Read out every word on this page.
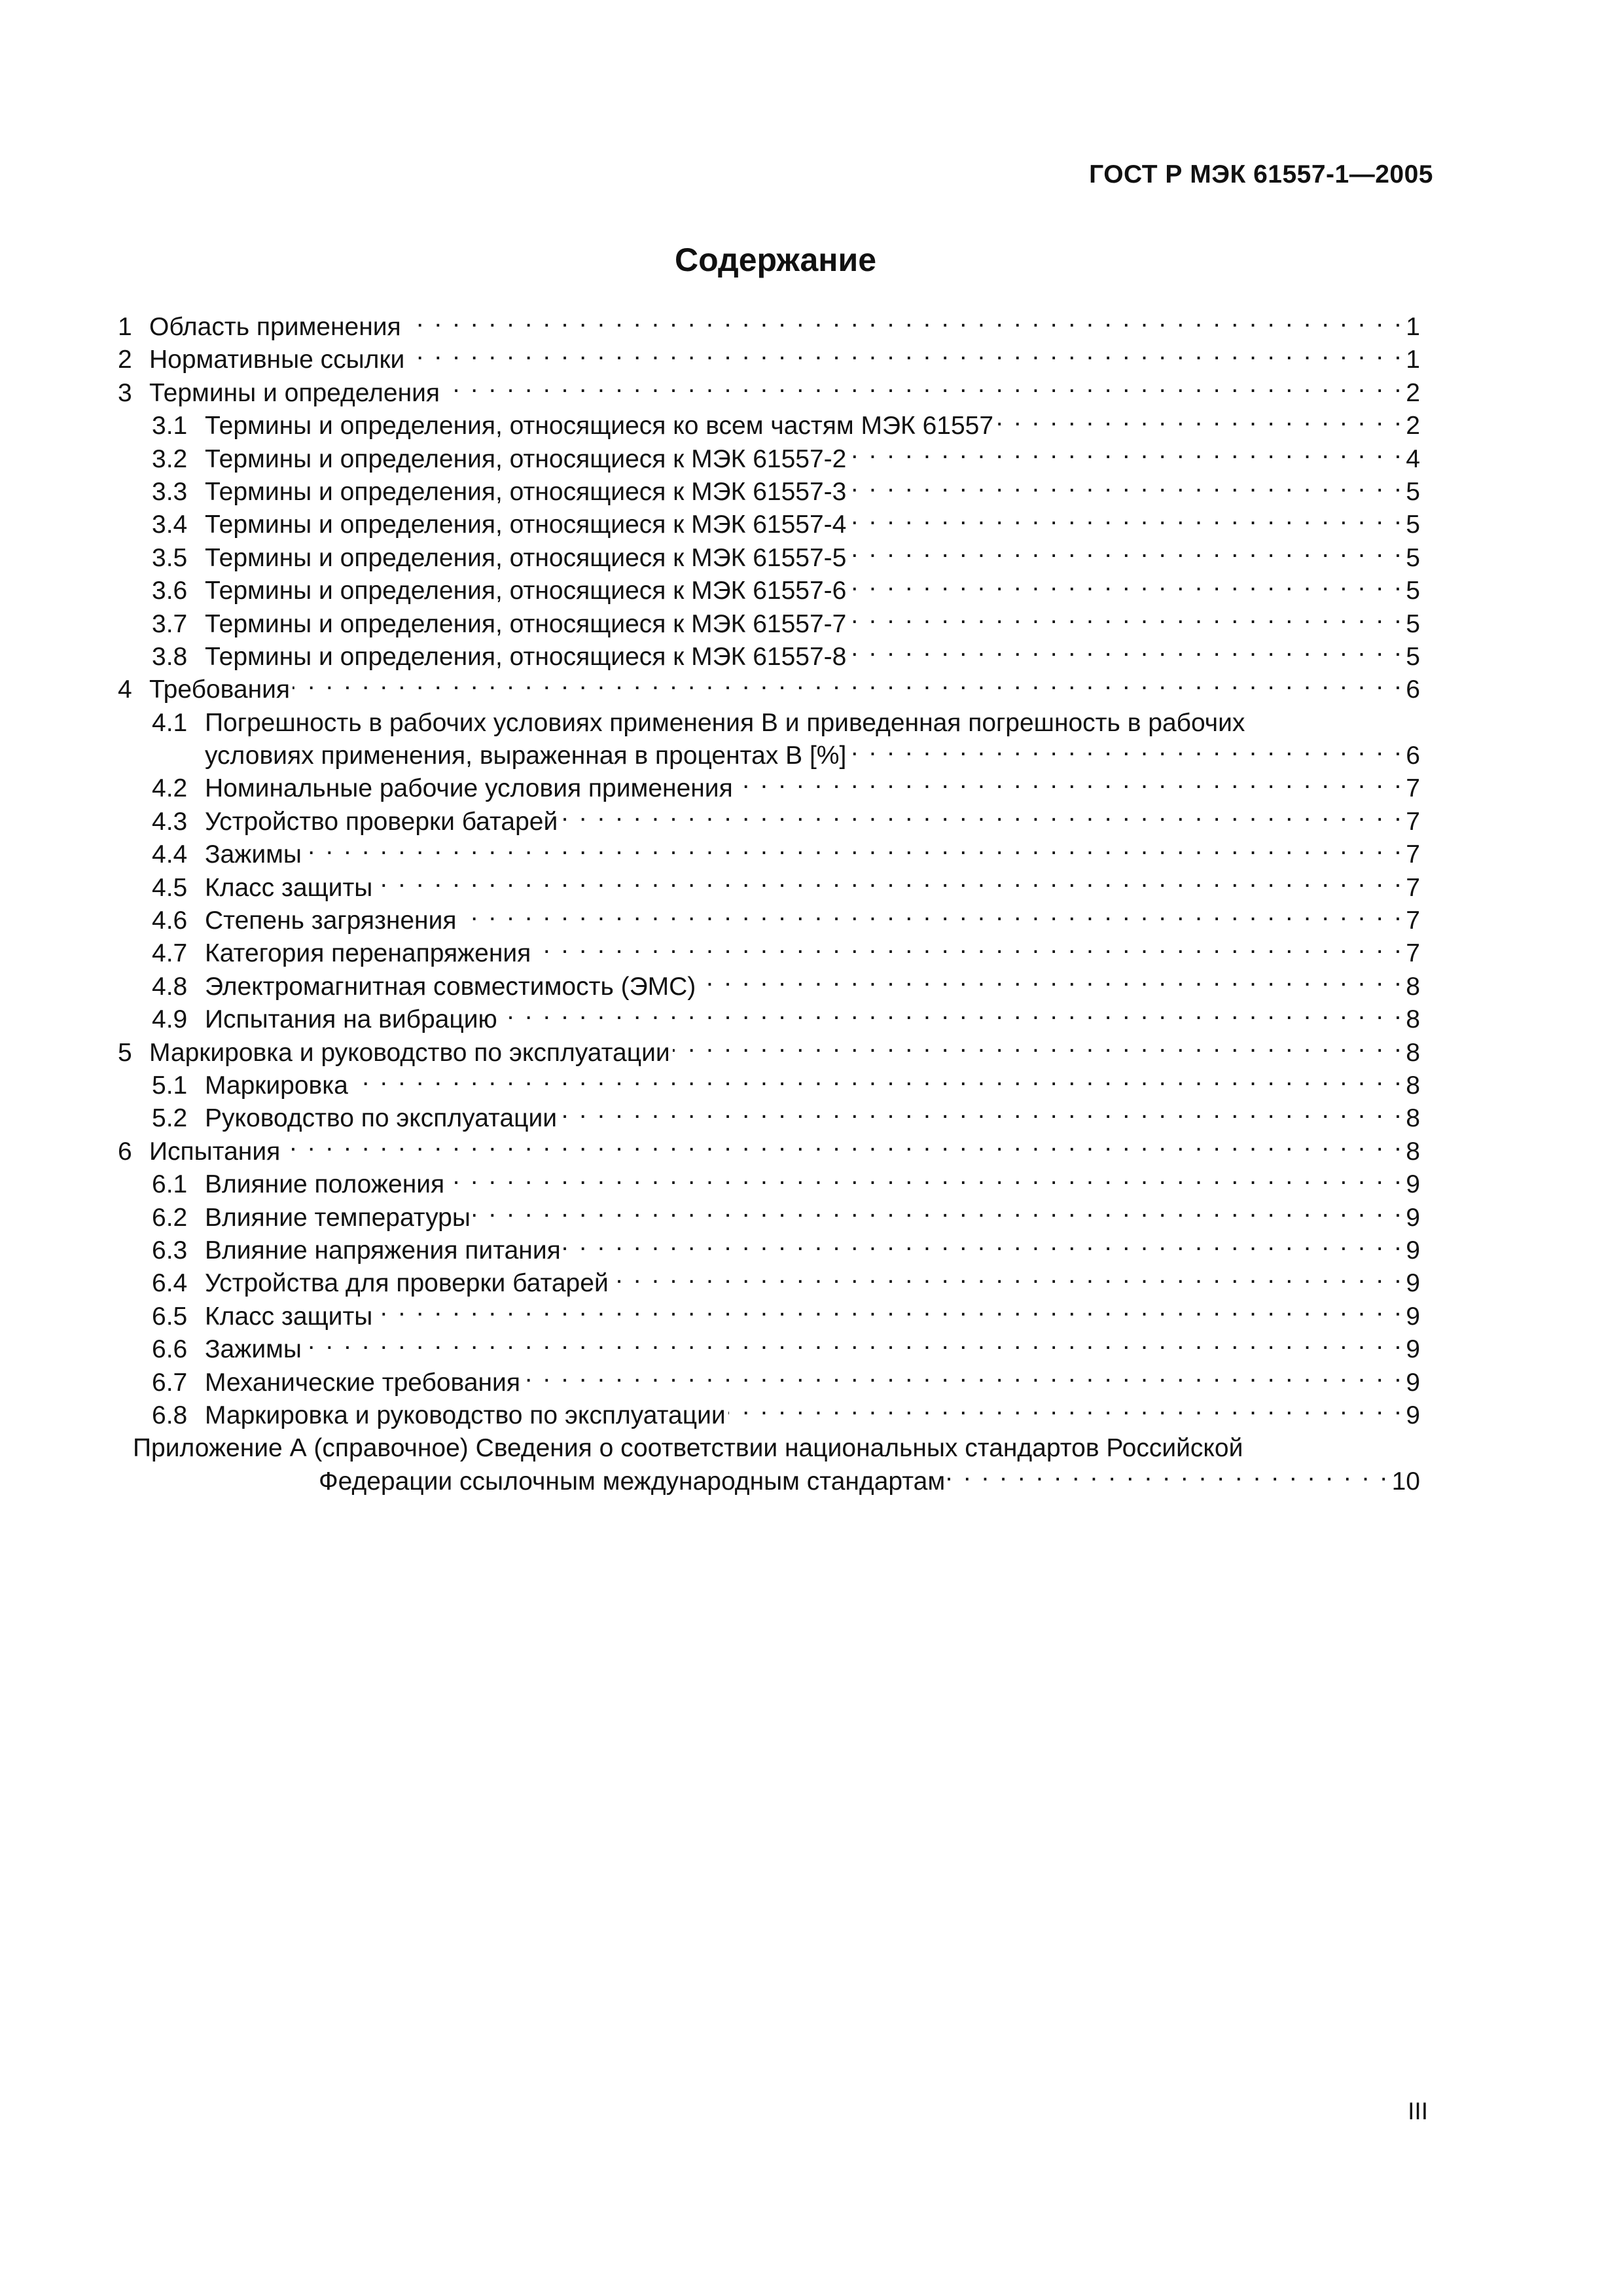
ГОСТ Р МЭК 61557-1—2005
Содержание
1 Область применения . . .	1
2 Нормативные ссылки . . .	1
3 Термины и определения . . .	2
3.1 Термины и определения, относящиеся ко всем частям МЭК 61557 . . .	2
3.2 Термины и определения, относящиеся к МЭК 61557-2 . . .	4
3.3 Термины и определения, относящиеся к МЭК 61557-3 . . .	5
3.4 Термины и определения, относящиеся к МЭК 61557-4 . . .	5
3.5 Термины и определения, относящиеся к МЭК 61557-5 . . .	5
3.6 Термины и определения, относящиеся к МЭК 61557-6 . . .	5
3.7 Термины и определения, относящиеся к МЭК 61557-7 . . .	5
3.8 Термины и определения, относящиеся к МЭК 61557-8 . . .	5
4 Требования . . .	6
4.1 Погрешность в рабочих условиях применения В и приведенная погрешность в рабочих
условиях применения, выраженная в процентах В [%] . . .	6
4.2 Номинальные рабочие условия применения . . .	7
4.3 Устройство проверки батарей . . .	7
4.4 Зажимы . . .	7
4.5 Класс защиты . . .	7
4.6 Степень загрязнения . . .	7
4.7 Категория перенапряжения . . .	7
4.8 Электромагнитная совместимость (ЭМС) . . .	8
4.9 Испытания на вибрацию . . .	8
5 Маркировка и руководство по эксплуатации . . .	8
5.1 Маркировка . . .	8
5.2 Руководство по эксплуатации . . .	8
6 Испытания . . .	8
6.1 Влияние положения . . .	9
6.2 Влияние температуры . . .	9
6.3 Влияние напряжения питания . . .	9
6.4 Устройства для проверки батарей . . .	9
6.5 Класс защиты . . .	9
6.6 Зажимы . . .	9
6.7 Механические требования . . .	9
6.8 Маркировка и руководство по эксплуатации . . .	9
Приложение А (справочное) Сведения о соответствии национальных стандартов Российской
Федерации ссылочным международным стандартам . . .	10
III
